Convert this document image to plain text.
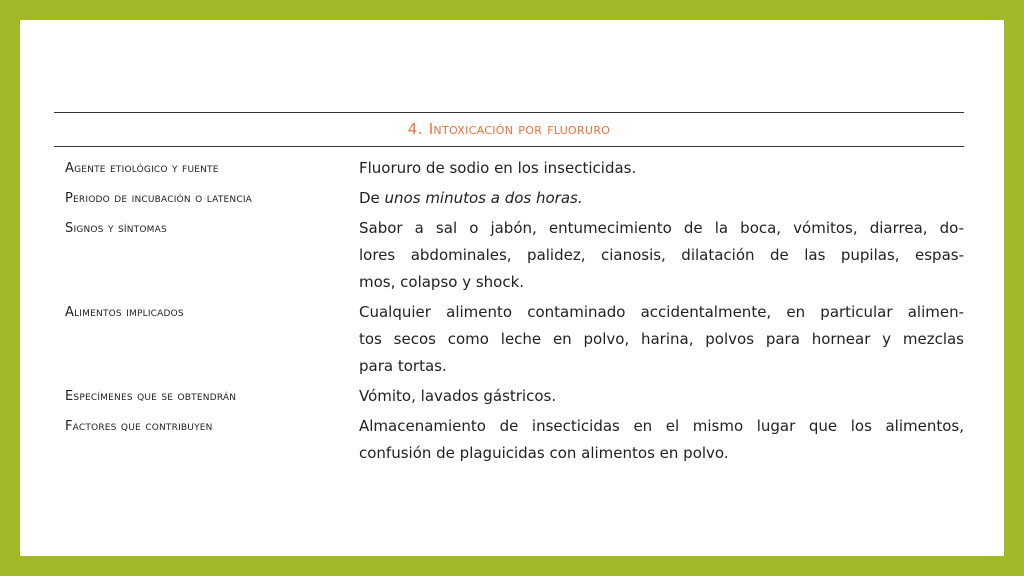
4. Intoxicación por fluoruro
Agente etiológico y fuente	Fluoruro de sodio en los insecticidas.
Periodo de incubación o latencia	De unos minutos a dos horas.
Signos y síntomas	Sabor a sal o jabón, entumecimiento de la boca, vómitos, diarrea, do-
lores abdominales, palidez, cianosis, dilatación de las pupilas, espas-
mos, colapso y shock.
Alimentos implicados	Cualquier alimento contaminado accidentalmente, en particular alimen-
tos secos como leche en polvo, harina, polvos para hornear y mezclas
para tortas.
Especímenes que se obtendrán	Vómito, lavados gástricos.
Factores que contribuyen	Almacenamiento de insecticidas en el mismo lugar que los alimentos,
confusión de plaguicidas con alimentos en polvo.
